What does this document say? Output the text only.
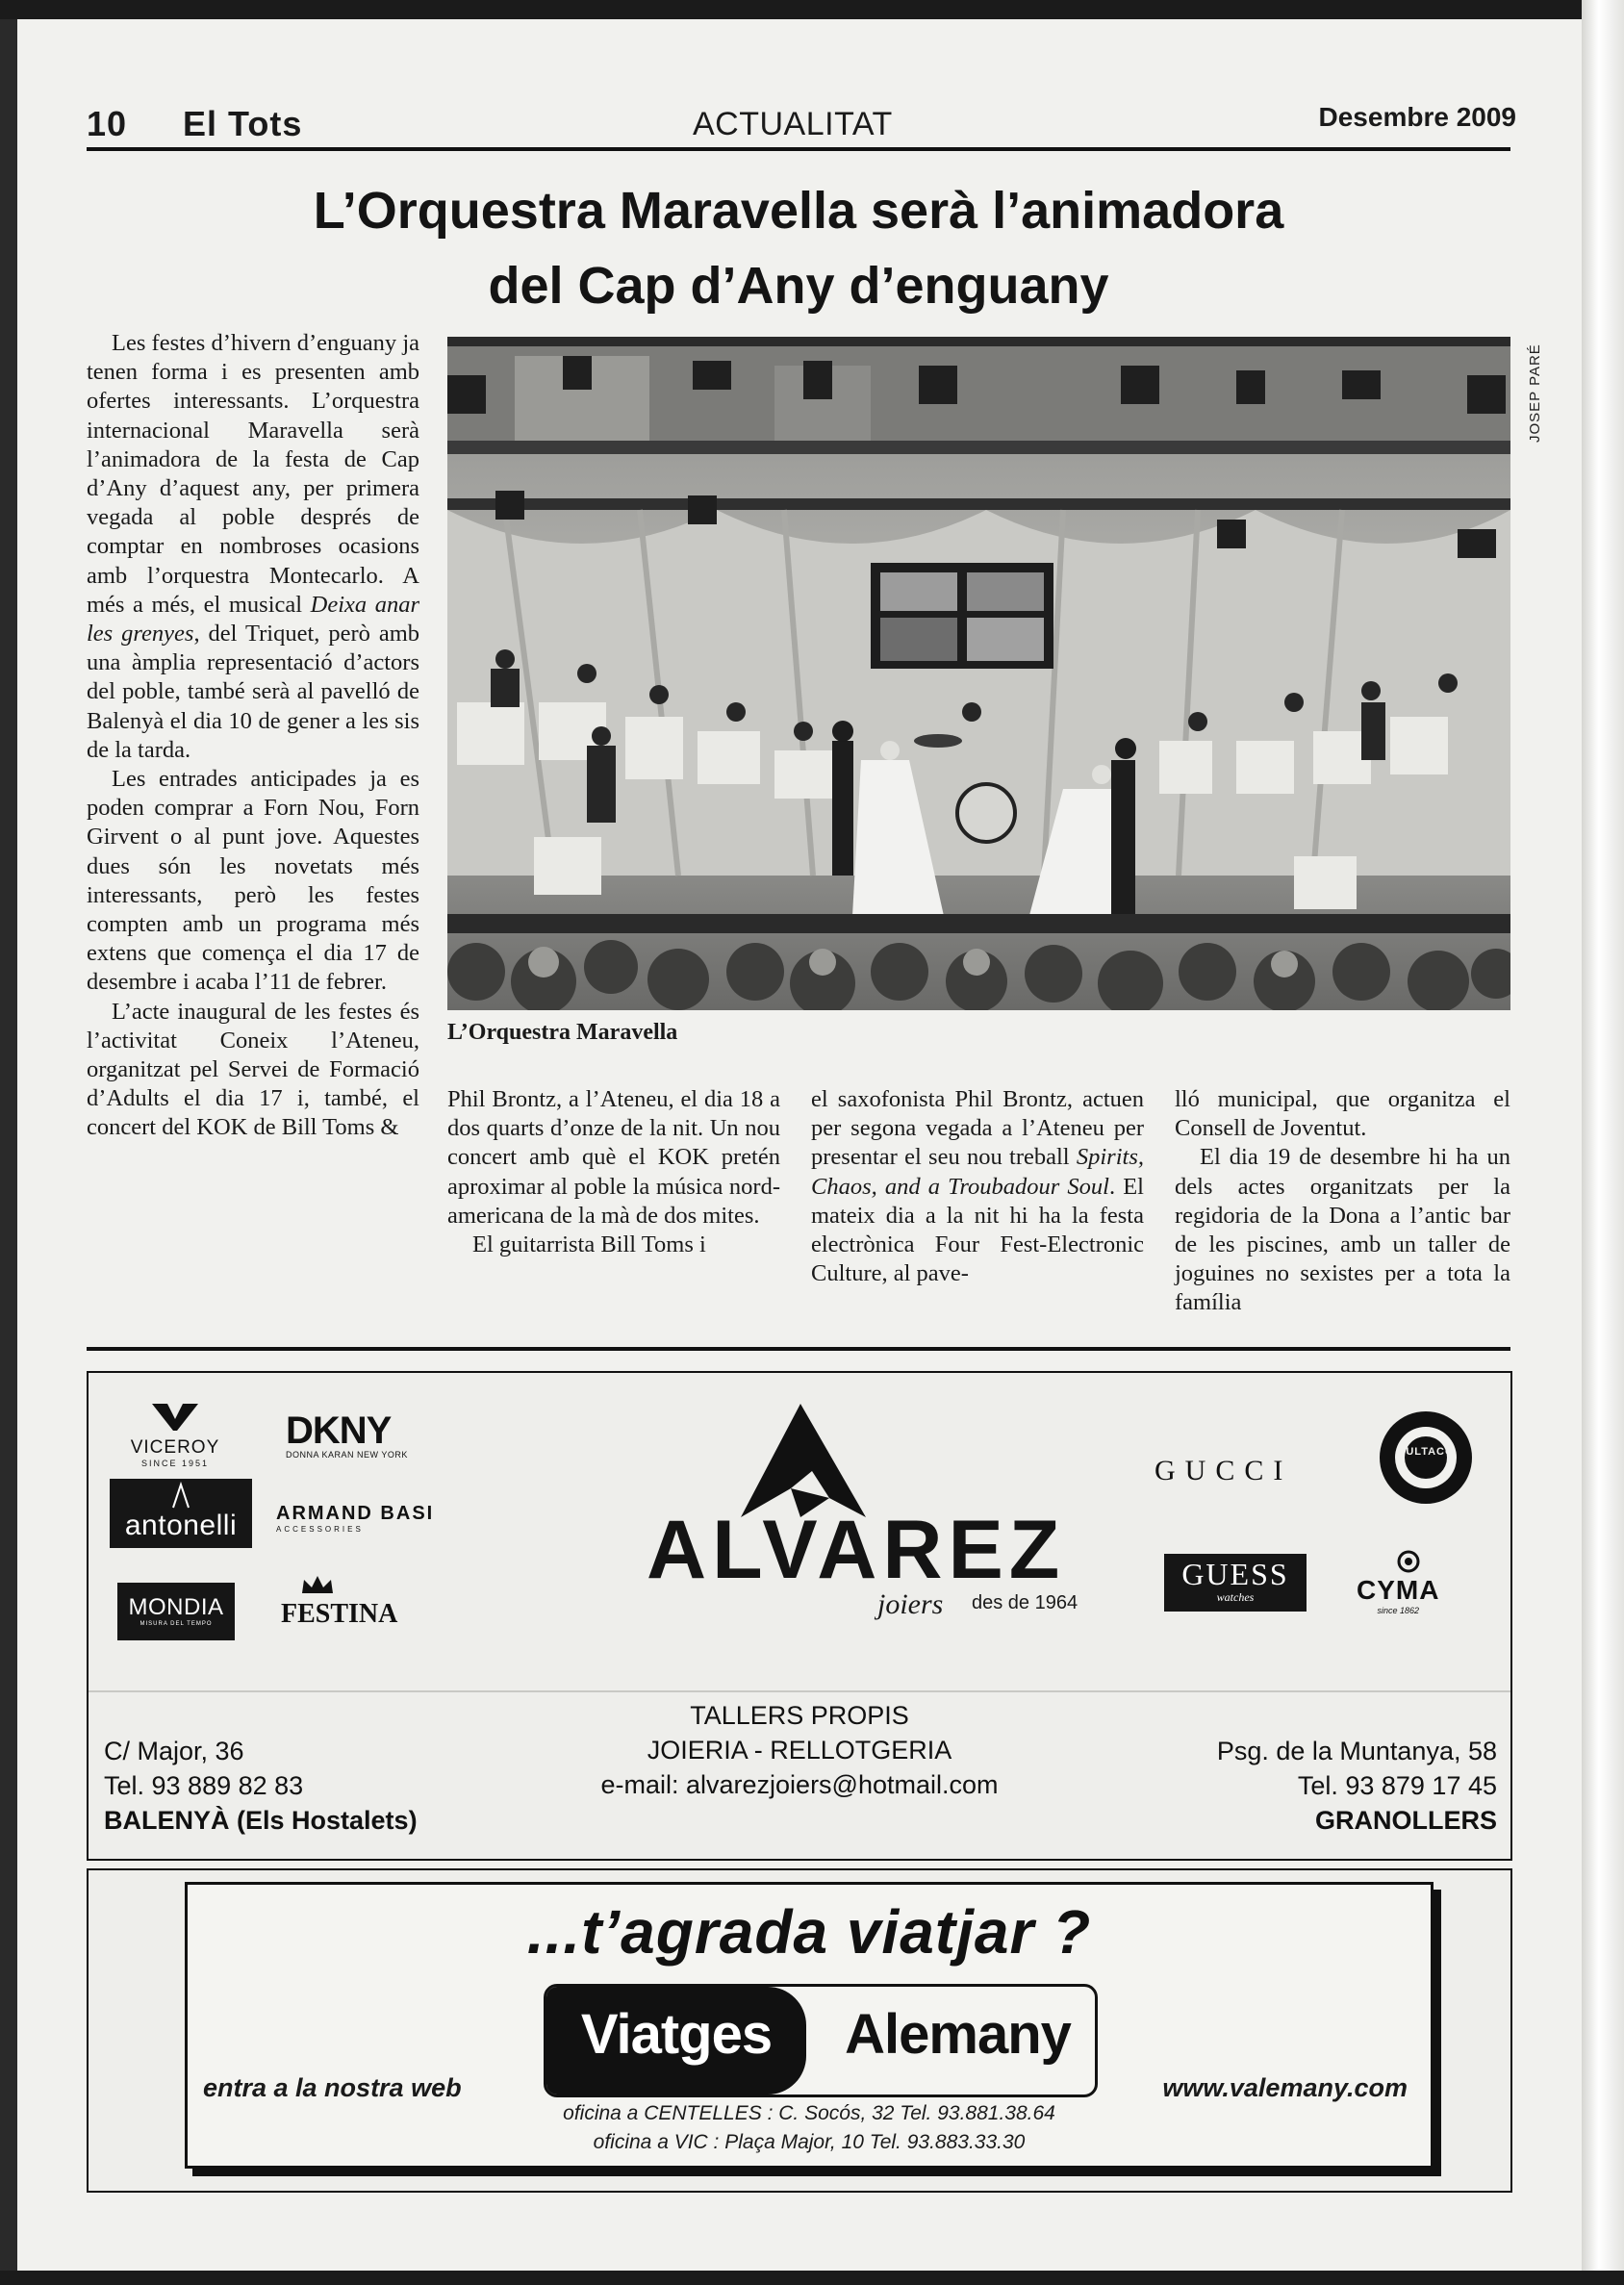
10 El Tots	ACTUALITAT	Desembre 2009
L’Orquestra Maravella serà l’animadora
del Cap d’Any d’enguany
JOSEP PARÉ

Les festes d’hivern d’enguany ja tenen forma i es presenten amb ofertes interessants. L’orquestra internacional Maravella serà l’animadora de la festa de Cap d’Any d’aquest any, per primera vegada al poble després de comptar en nombroses ocasions amb l’orquestra Montecarlo. A més a més, el musical Deixa anar les grenyes, del Triquet, però amb una àmplia representació d’actors del poble, també serà al pavelló de Balenyà el dia 10 de gener a les sis de la tarda.

Les entrades anticipades ja es poden comprar a Forn Nou, Forn Girvent o al punt jove. Aquestes dues són les novetats més interessants, però les festes compten amb un programa més extens que comença el dia 17 de desembre i acaba l’11 de febrer.

L’acte inaugural de les festes és l’activitat Coneix l’Ateneu, organitzat pel Servei de Formació d’Adults el dia 17 i, també, el concert del KOK de Bill Toms &

L’Orquestra Maravella

Phil Brontz, a l’Ateneu, el dia 18 a dos quarts d’onze de la nit. Un nou concert amb què el KOK pretén aproximar al poble la música nord-americana de la mà de dos mites.

El guitarrista Bill Toms i

el saxofonista Phil Brontz, actuen per segona vegada a l’Ateneu per presentar el seu nou treball Spirits, Chaos, and a Troubadour Soul. El mateix dia a la nit hi ha la festa electrònica Four Fest-Electronic Culture, al pave-

lló municipal, que organitza el Consell de Joventut.

El dia 19 de desembre hi ha un dels actes organitzats per la regidoria de la Dona a l’antic bar de les piscines, amb un taller de joguines no sexistes per a tota la família

VICEROY
SINCE 1951
DKNY
DONNA KARAN NEW YORK
antonelli	ARMAND BASI
ACCESSORIES
MONDIA
MISURA DEL TEMPO	FESTINA
ALVAREZ
joiers des de 1964
GUCCI
BULTACO
GUESS
watches	CYMA
since 1862
C/ Major, 36
Tel. 93 889 82 83
BALENYÀ (Els Hostalets)
TALLERS PROPIS
JOIERIA - RELLOTGERIA
e-mail: alvarezjoiers@hotmail.com
Psg. de la Muntanya, 58
Tel. 93 879 17 45
GRANOLLERS
...t’agrada viatjar ?
Viatges	Alemany
entra a la nostra web	www.valemany.com
oficina a CENTELLES : C. Socós, 32 Tel. 93.881.38.64
oficina a VIC : Plaça Major, 10 Tel. 93.883.33.30
